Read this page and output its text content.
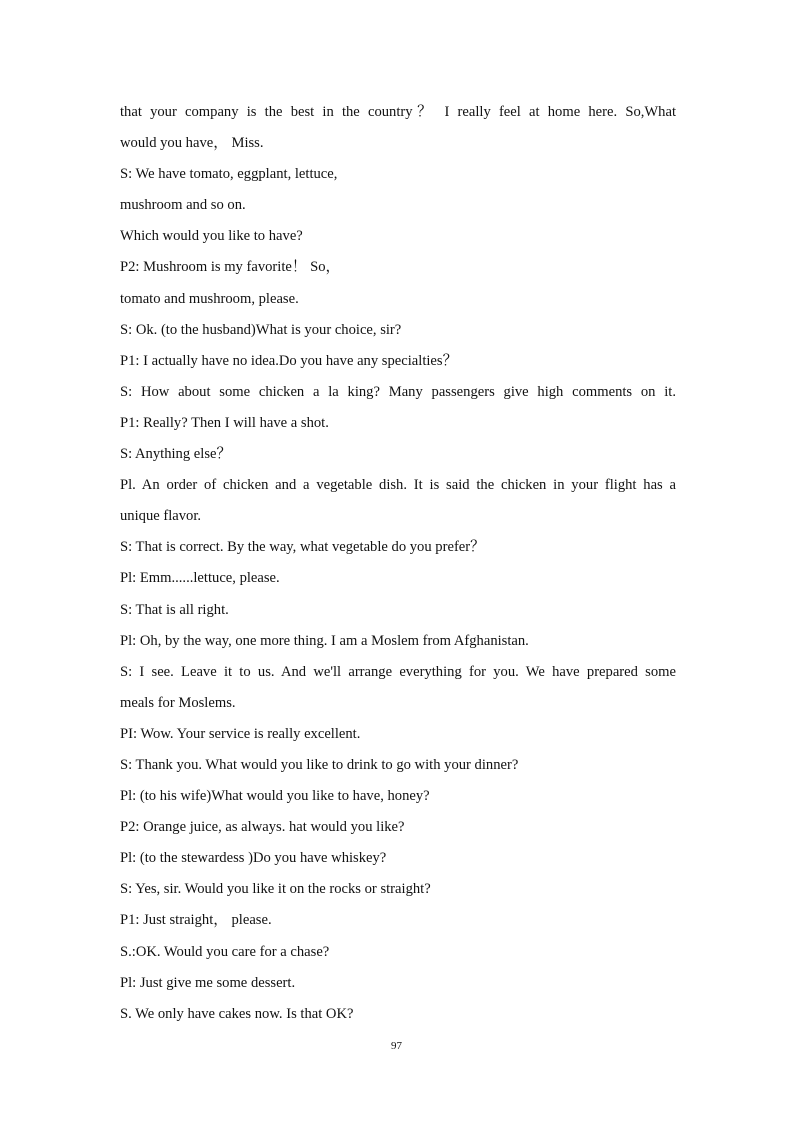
that your company is the best in the country？ I really feel at home here. So,What
would you have， Miss.
S: We have tomato, eggplant, lettuce,
mushroom and so on.
Which would you like to have?
P2: Mushroom is my favorite！ So，
tomato and mushroom, please.
S: Ok. (to the husband)What is your choice, sir?
P1: I actually have no idea.Do you have any specialties？
S: How about some chicken a la king? Many passengers give high comments on it.
P1: Really? Then I will have a shot.
S: Anything else？
Pl. An order of chicken and a vegetable dish. It is said the chicken in your flight has a
unique flavor.
S: That is correct. By the way, what vegetable do you prefer？
Pl: Emm......lettuce, please.
S: That is all right.
Pl: Oh, by the way, one more thing. I am a Moslem from Afghanistan.
S: I see. Leave it to us. And we'll arrange everything for you. We have prepared some
meals for Moslems.
PI: Wow. Your service is really excellent.
S: Thank you. What would you like to drink to go with your dinner?
Pl: (to his wife)What would you like to have, honey?
P2: Orange juice, as always. hat would you like?
Pl: (to the stewardess )Do you have whiskey?
S: Yes, sir. Would you like it on the rocks or straight?
P1: Just straight， please.
S.:OK. Would you care for a chase?
Pl: Just give me some dessert.
S. We only have cakes now. Is that OK?
97
